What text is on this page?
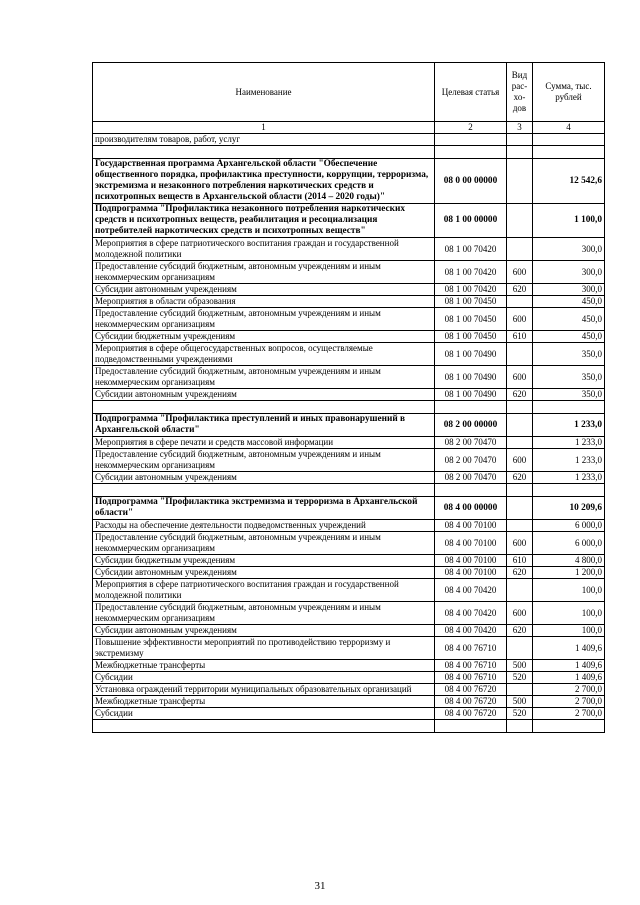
Наименование	Целевая статья	Вид рас-хо-дов	Сумма, тыс. рублей
1	2	3	4
производителям товаров, работ, услуг			

Государственная программа Архангельской области "Обеспечение общественного порядка, профилактика преступности, коррупции, терроризма, экстремизма и незаконного потребления наркотических средств и психотропных веществ в Архангельской области (2014 – 2020 годы)"	08 0 00 00000		12 542,6
Подпрограмма "Профилактика незаконного потребления наркотических средств и психотропных веществ, реабилитация и ресоциализация потребителей наркотических средств и психотропных веществ"	08 1 00 00000		1 100,0
Мероприятия в сфере патриотического воспитания граждан и государственной молодежной политики	08 1 00 70420		300,0
Предоставление субсидий бюджетным, автономным учреждениям и иным некоммерческим организациям	08 1 00 70420	600	300,0
Субсидии автономным учреждениям	08 1 00 70420	620	300,0
Мероприятия в области образования	08 1 00 70450		450,0
Предоставление субсидий бюджетным, автономным учреждениям и иным некоммерческим организациям	08 1 00 70450	600	450,0
Субсидии бюджетным учреждениям	08 1 00 70450	610	450,0
Мероприятия в сфере общегосударственных вопросов, осуществляемые подведомственными учреждениями	08 1 00 70490		350,0
Предоставление субсидий бюджетным, автономным учреждениям и иным некоммерческим организациям	08 1 00 70490	600	350,0
Субсидии автономным учреждениям	08 1 00 70490	620	350,0

Подпрограмма "Профилактика преступлений и иных правонарушений в Архангельской области"	08 2 00 00000		1 233,0
Мероприятия в сфере печати и средств массовой информации	08 2 00 70470		1 233,0
Предоставление субсидий бюджетным, автономным учреждениям и иным некоммерческим организациям	08 2 00 70470	600	1 233,0
Субсидии автономным учреждениям	08 2 00 70470	620	1 233,0

Подпрограмма "Профилактика экстремизма и терроризма в Архангельской области"	08 4 00 00000		10 209,6
Расходы на обеспечение деятельности подведомственных учреждений	08 4 00 70100		6 000,0
Предоставление субсидий бюджетным, автономным учреждениям и иным некоммерческим организациям	08 4 00 70100	600	6 000,0
Субсидии бюджетным учреждениям	08 4 00 70100	610	4 800,0
Субсидии автономным учреждениям	08 4 00 70100	620	1 200,0
Мероприятия в сфере патриотического воспитания граждан и государственной молодежной политики	08 4 00 70420		100,0
Предоставление субсидий бюджетным, автономным учреждениям и иным некоммерческим организациям	08 4 00 70420	600	100,0
Субсидии автономным учреждениям	08 4 00 70420	620	100,0
Повышение эффективности мероприятий по противодействию терроризму и экстремизму	08 4 00 76710		1 409,6
Межбюджетные трансферты	08 4 00 76710	500	1 409,6
Субсидии	08 4 00 76710	520	1 409,6
Установка ограждений территории муниципальных образовательных организаций	08 4 00 76720		2 700,0
Межбюджетные трансферты	08 4 00 76720	500	2 700,0
Субсидии	08 4 00 76720	520	2 700,0

31
